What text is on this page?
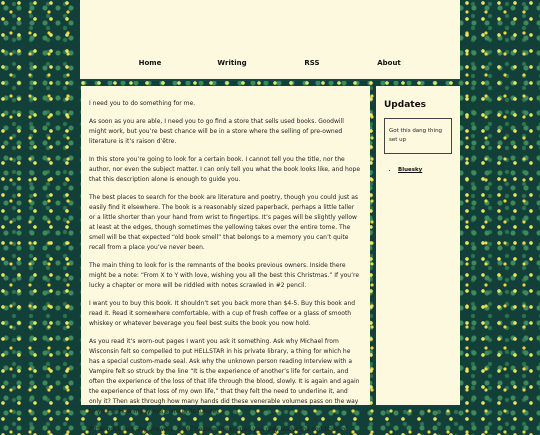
Home	Writing	RSS	About

I need you to do something for me.

As soon as you are able, I need you to go find a store that sells used books. Goodwill might work, but you’re best chance will be in a store where the selling of pre-owned literature is it’s raison d’être.

In this store you’re going to look for a certain book. I cannot tell you the title, nor the author, nor even the subject matter. I can only tell you what the book looks like, and hope that this description alone is enough to guide you.

The best places to search for the book are literature and poetry, though you could just as easily find it elsewhere. The book is a reasonably sized paperback, perhaps a little taller or a little shorter than your hand from wrist to fingertips. It’s pages will be slightly yellow at least at the edges, though sometimes the yellowing takes over the entire tome. The smell will be that expected “old book smell” that belongs to a memory you can’t quite recall from a place you’ve never been.

The main thing to look for is the remnants of the books previous owners. Inside there might be a note: “From X to Y with love, wishing you all the best this Christmas.” If you’re lucky a chapter or more will be riddled with notes scrawled in #2 pencil.

I want you to buy this book. It shouldn’t set you back more than $4-5. Buy this book and read it. Read it somewhere comfortable, with a cup of fresh coffee or a glass of smooth whiskey or whatever beverage you feel best suits the book you now hold.

As you read it’s worn-out pages I want you ask it something. Ask why Michael from Wisconsin felt so compelled to put HELLSTAR in his private library, a thing for which he has a special custom-made seal. Ask why the unknown person reading Interview with a Vampire felt so struck by the line “It is the experience of another’s life for certain, and often the experience of the loss of that life through the blood, slowly. It is again and again the experience of that loss of my own life,” that they felt the need to underline it, and only it? Then ask through how many hands did these venerable volumes pass on the way to yours? How many more are in its future?

If the book has any answers, it will bestow them upon you only under the condition of

Updates
Got this dang thing set up
• Bluesky
